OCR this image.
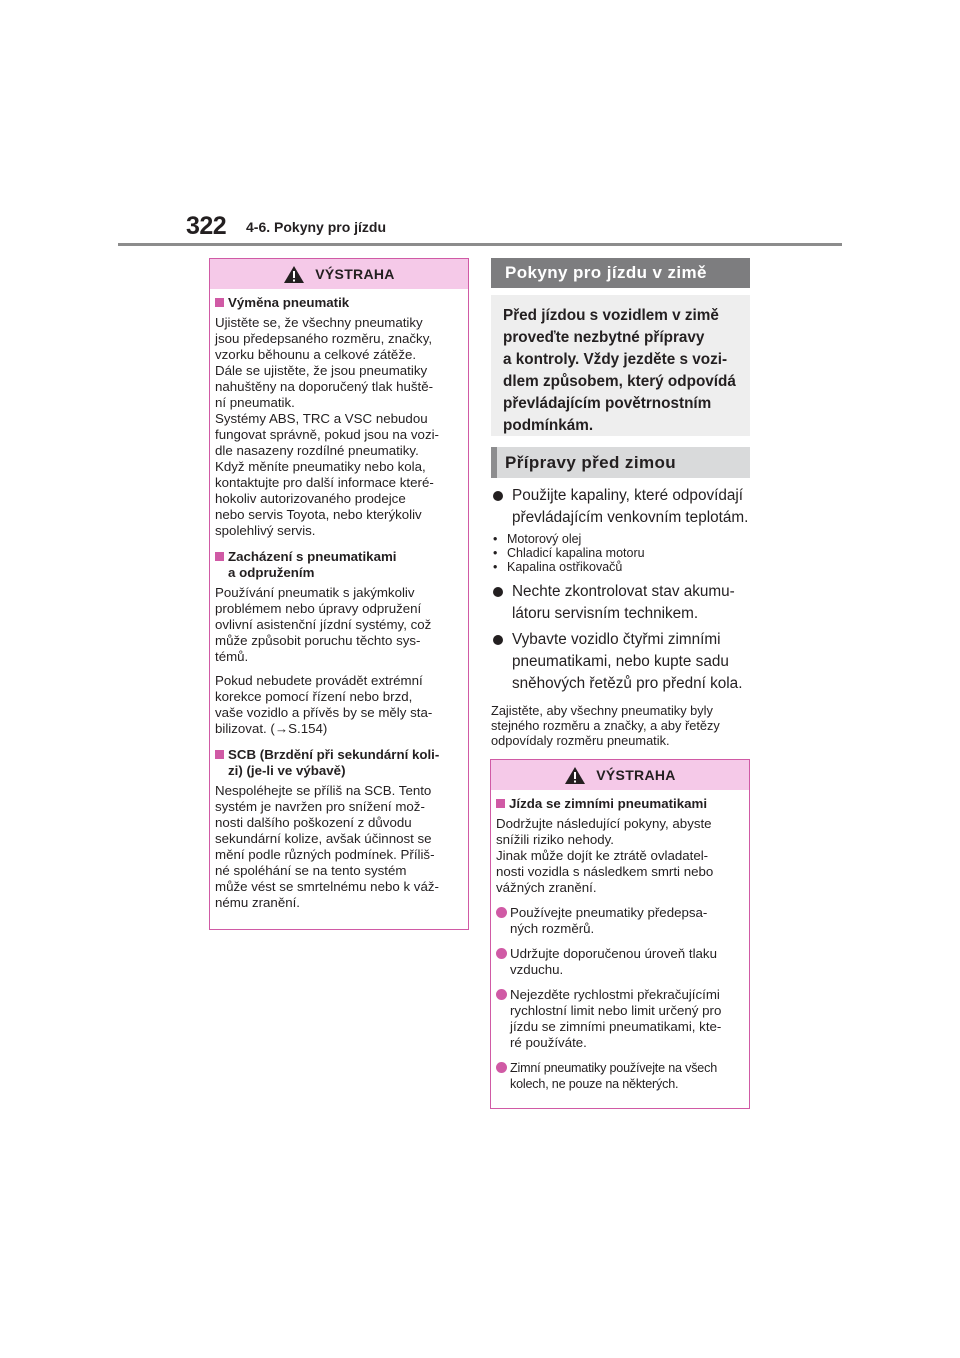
322 4-6. Pokyny pro jízdu
VÝSTRAHA
Výměna pneumatik
Ujistěte se, že všechny pneumatiky
jsou předepsaného rozměru, značky,
vzorku běhounu a celkové zátěže.
Dále se ujistěte, že jsou pneumatiky
nahuštěny na doporučený tlak huště-
ní pneumatik.
Systémy ABS, TRC a VSC nebudou
fungovat správně, pokud jsou na vozi-
dle nasazeny rozdílné pneumatiky.
Když měníte pneumatiky nebo kola,
kontaktujte pro další informace které-
hokoliv autorizovaného prodejce
nebo servis Toyota, nebo kterýkoliv
spolehlivý servis.
Zacházení s pneumatikami
a odpružením
Používání pneumatik s jakýmkoliv
problémem nebo úpravy odpružení
ovlivní asistenční jízdní systémy, což
může způsobit poruchu těchto sys-
témů.
Pokud nebudete provádět extrémní
korekce pomocí řízení nebo brzd,
vaše vozidlo a přívěs by se měly sta-
bilizovat. (→S.154)
SCB (Brzdění při sekundární koli-
zi) (je-li ve výbavě)
Nespoléhejte se příliš na SCB. Tento
systém je navržen pro snížení mož-
nosti dalšího poškození z důvodu
sekundární kolize, avšak účinnost se
mění podle různých podmínek. Příliš-
né spoléhání se na tento systém
může vést se smrtelnému nebo k váž-
nému zranění.
Pokyny pro jízdu v zimě
Před jízdou s vozidlem v zimě
proveďte nezbytné přípravy
a kontroly. Vždy jezděte s vozi-
dlem způsobem, který odpovídá
převládajícím povětrnostním
podmínkám.
Přípravy před zimou
Použijte kapaliny, které odpovídají
převládajícím venkovním teplotám.
• Motorový olej
• Chladicí kapalina motoru
• Kapalina ostřikovačů
Nechte zkontrolovat stav akumu-
látoru servisním technikem.
Vybavte vozidlo čtyřmi zimními
pneumatikami, nebo kupte sadu
sněhových řetězů pro přední kola.
Zajistěte, aby všechny pneumatiky byly
stejného rozměru a značky, a aby řetězy
odpovídaly rozměru pneumatik.
VÝSTRAHA
Jízda se zimními pneumatikami
Dodržujte následující pokyny, abyste
snížili riziko nehody.
Jinak může dojít ke ztrátě ovladatel-
nosti vozidla s následkem smrti nebo
vážných zranění.
Používejte pneumatiky předepsa-
ných rozměrů.
Udržujte doporučenou úroveň tlaku
vzduchu.
Nejezděte rychlostmi překračujícími
rychlostní limit nebo limit určený pro
jízdu se zimními pneumatikami, kte-
ré používáte.
Zimní pneumatiky používejte na všech
kolech, ne pouze na některých.
